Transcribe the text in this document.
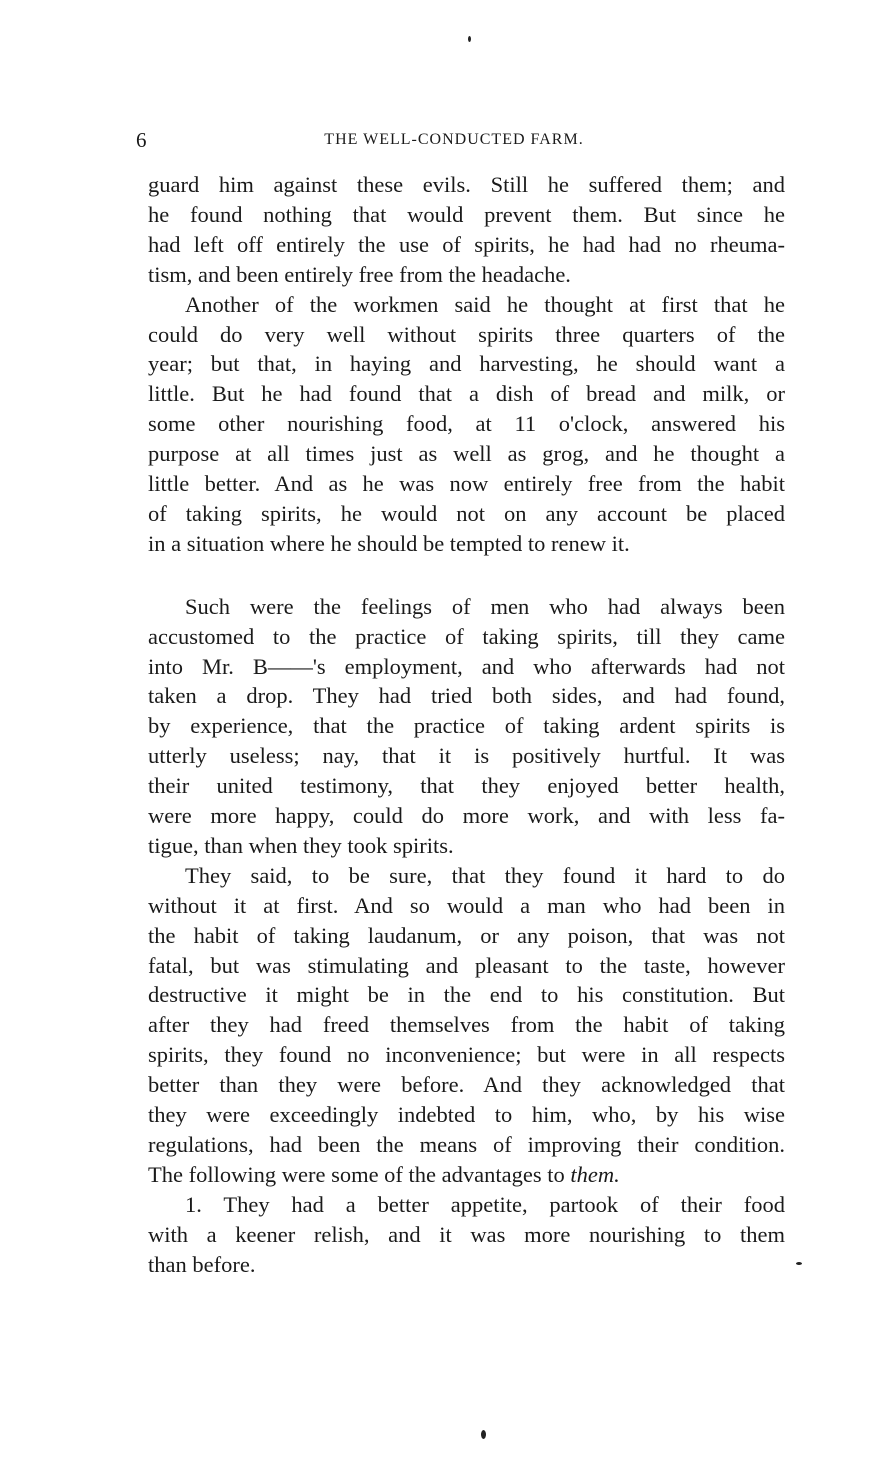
6	THE WELL-CONDUCTED FARM.
guard him against these evils. Still he suffered them; and
he found nothing that would prevent them. But since he
had left off entirely the use of spirits, he had had no rheuma-
tism, and been entirely free from the headache.
Another of the workmen said he thought at first that he
could do very well without spirits three quarters of the
year; but that, in haying and harvesting, he should want a
little. But he had found that a dish of bread and milk, or
some other nourishing food, at 11 o'clock, answered his
purpose at all times just as well as grog, and he thought a
little better. And as he was now entirely free from the habit
of taking spirits, he would not on any account be placed
in a situation where he should be tempted to renew it.
Such were the feelings of men who had always been
accustomed to the practice of taking spirits, till they came
into Mr. B——'s employment, and who afterwards had not
taken a drop. They had tried both sides, and had found,
by experience, that the practice of taking ardent spirits is
utterly useless; nay, that it is positively hurtful. It was
their united testimony, that they enjoyed better health,
were more happy, could do more work, and with less fa-
tigue, than when they took spirits.
They said, to be sure, that they found it hard to do
without it at first. And so would a man who had been in
the habit of taking laudanum, or any poison, that was not
fatal, but was stimulating and pleasant to the taste, however
destructive it might be in the end to his constitution. But
after they had freed themselves from the habit of taking
spirits, they found no inconvenience; but were in all respects
better than they were before. And they acknowledged that
they were exceedingly indebted to him, who, by his wise
regulations, had been the means of improving their condition.
The following were some of the advantages to them.
1. They had a better appetite, partook of their food
with a keener relish, and it was more nourishing to them
than before.
